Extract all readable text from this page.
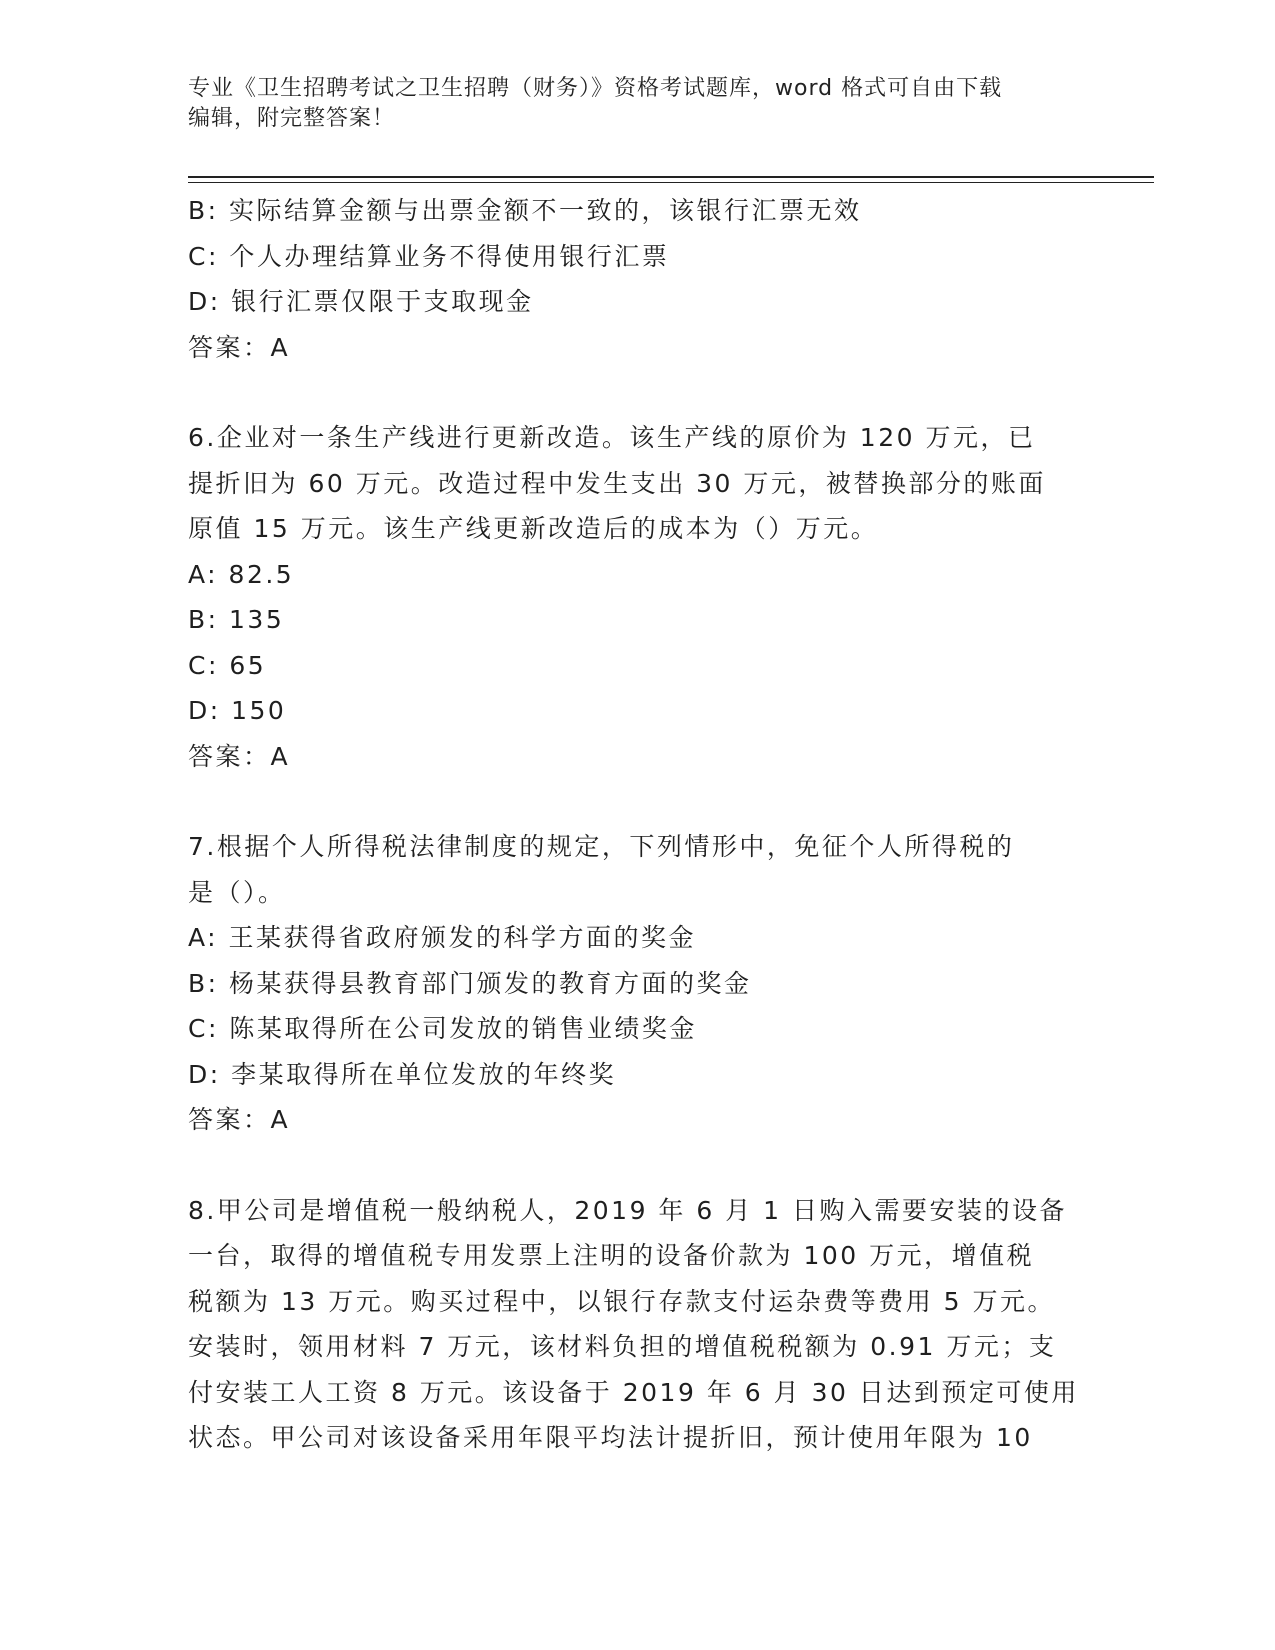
专业《卫生招聘考试之卫生招聘（财务）》资格考试题库，word 格式可自由下载
编辑，附完整答案！
B: 实际结算金额与出票金额不一致的，该银行汇票无效
C: 个人办理结算业务不得使用银行汇票
D: 银行汇票仅限于支取现金
答案：A
6.企业对一条生产线进行更新改造。该生产线的原价为 120 万元，已
提折旧为 60 万元。改造过程中发生支出 30 万元，被替换部分的账面
原值 15 万元。该生产线更新改造后的成本为（）万元。
A: 82.5
B: 135
C: 65
D: 150
答案：A
7.根据个人所得税法律制度的规定，下列情形中，免征个人所得税的
是（）。
A: 王某获得省政府颁发的科学方面的奖金
B: 杨某获得县教育部门颁发的教育方面的奖金
C: 陈某取得所在公司发放的销售业绩奖金
D: 李某取得所在单位发放的年终奖
答案：A
8.甲公司是增值税一般纳税人，2019 年 6 月 1 日购入需要安装的设备
一台，取得的增值税专用发票上注明的设备价款为 100 万元，增值税
税额为 13 万元。购买过程中，以银行存款支付运杂费等费用 5 万元。
安装时，领用材料 7 万元，该材料负担的增值税税额为 0.91 万元；支
付安装工人工资 8 万元。该设备于 2019 年 6 月 30 日达到预定可使用
状态。甲公司对该设备采用年限平均法计提折旧，预计使用年限为 10
